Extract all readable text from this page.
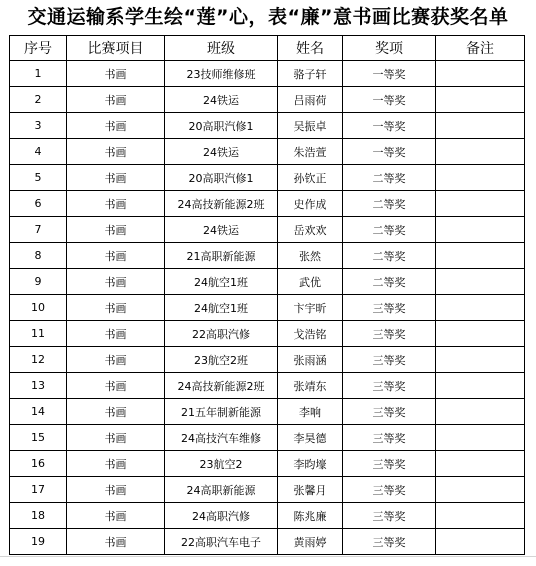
交通运输系学生绘“莲”心，表“廉”意书画比赛获奖名单
序号	比赛项目	班级	姓名	奖项	备注
1	书画	23技师维修班	骆子轩	一等奖	
2	书画	24铁运	吕雨荷	一等奖	
3	书画	20高职汽修1	吴振卓	一等奖	
4	书画	24铁运	朱浩萱	一等奖	
5	书画	20高职汽修1	孙钦正	二等奖	
6	书画	24高技新能源2班	史作成	二等奖	
7	书画	24铁运	岳欢欢	二等奖	
8	书画	21高职新能源	张然	二等奖	
9	书画	24航空1班	武优	二等奖	
10	书画	24航空1班	卞宇昕	三等奖	
11	书画	22高职汽修	戈浩铭	三等奖	
12	书画	23航空2班	张雨涵	三等奖	
13	书画	24高技新能源2班	张靖东	三等奖	
14	书画	21五年制新能源	李响	三等奖	
15	书画	24高技汽车维修	李昊德	三等奖	
16	书画	23航空2	李昀壕	三等奖	
17	书画	24高职新能源	张馨月	三等奖	
18	书画	24高职汽修	陈兆廉	三等奖	
19	书画	22高职汽车电子	黄雨婷	三等奖	
